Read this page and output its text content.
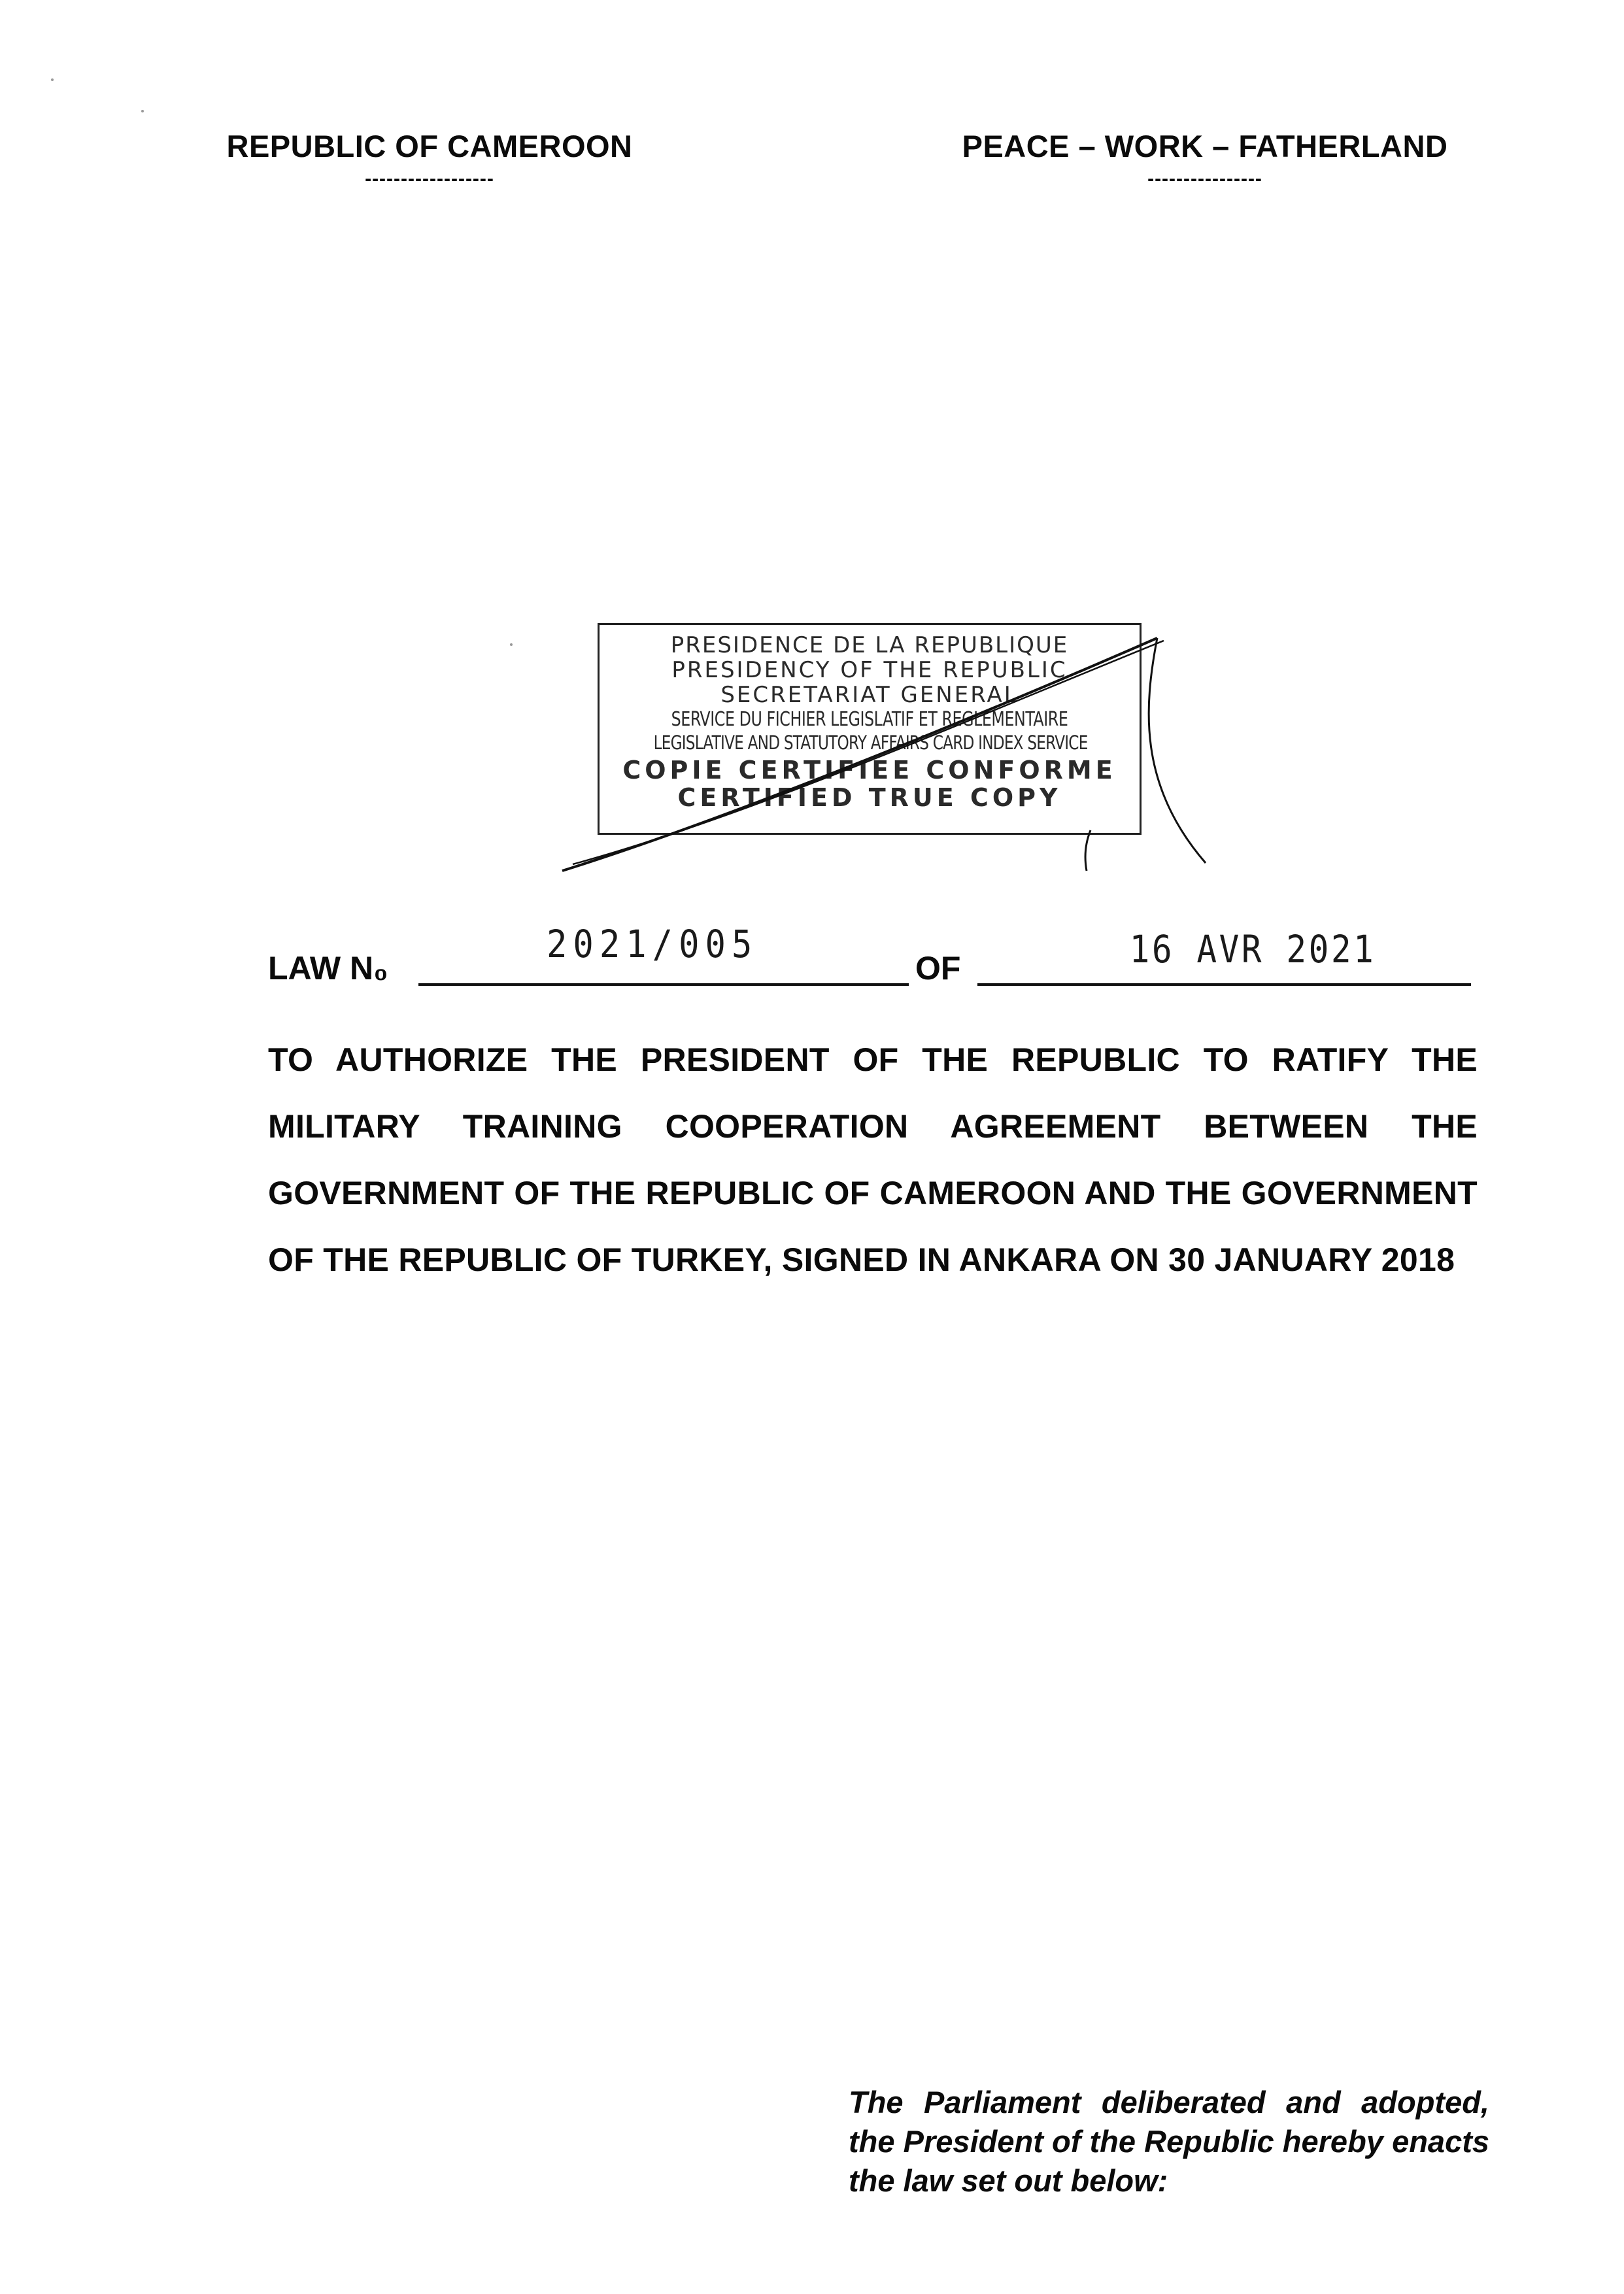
REPUBLIC OF CAMEROON
------------------
PEACE – WORK – FATHERLAND
----------------
PRESIDENCE DE LA REPUBLIQUE
PRESIDENCY OF THE REPUBLIC
SECRETARIAT GENERAL
SERVICE DU FICHIER LEGISLATIF ET REGLEMENTAIRE
LEGISLATIVE AND STATUTORY AFFAIRS CARD INDEX SERVICE
COPIE CERTIFIEE CONFORME
CERTIFIED TRUE COPY
LAW N₀	OF
2021/005	16 AVR 2021
TO AUTHORIZE THE PRESIDENT OF THE REPUBLIC TO RATIFY THE MILITARY TRAINING COOPERATION AGREEMENT BETWEEN THE GOVERNMENT OF THE REPUBLIC OF CAMEROON AND THE GOVERNMENT OF THE REPUBLIC OF TURKEY, SIGNED IN ANKARA ON 30 JANUARY 2018
The Parliament deliberated and adopted, the President of the Republic hereby enacts the law set out below:
